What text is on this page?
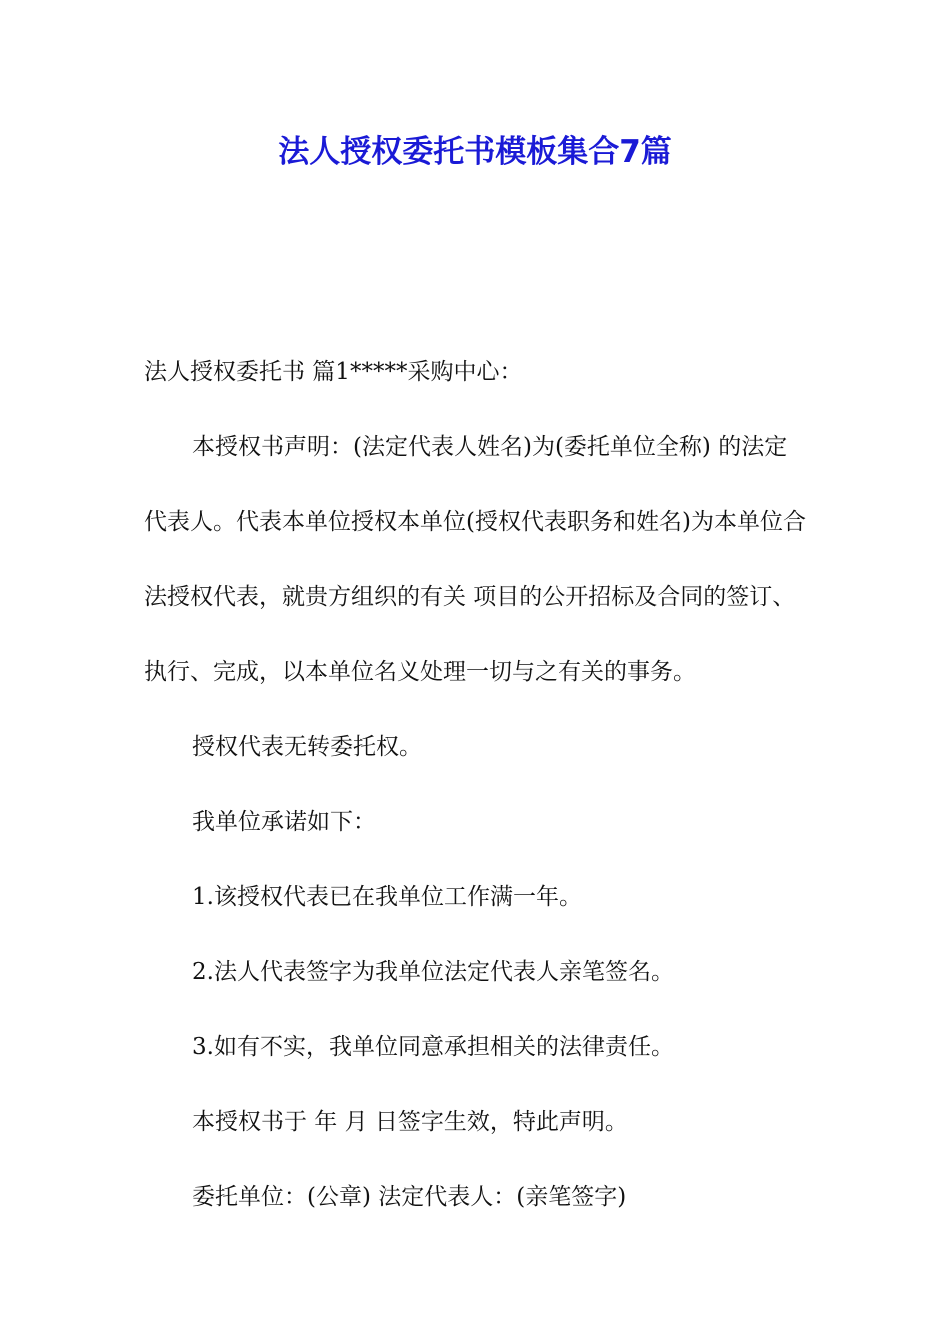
法人授权委托书模板集合7篇

法人授权委托书 篇1*****采购中心：

本授权书声明：(法定代表人姓名)为(委托单位全称) 的法定代表人。代表本单位授权本单位(授权代表职务和姓名)为本单位合法授权代表，就贵方组织的有关 项目的公开招标及合同的签订、执行、完成，以本单位名义处理一切与之有关的事务。

授权代表无转委托权。

我单位承诺如下：

1.该授权代表已在我单位工作满一年。

2.法人代表签字为我单位法定代表人亲笔签名。

3.如有不实，我单位同意承担相关的法律责任。

本授权书于 年 月 日签字生效，特此声明。

委托单位：(公章) 法定代表人：(亲笔签字)
